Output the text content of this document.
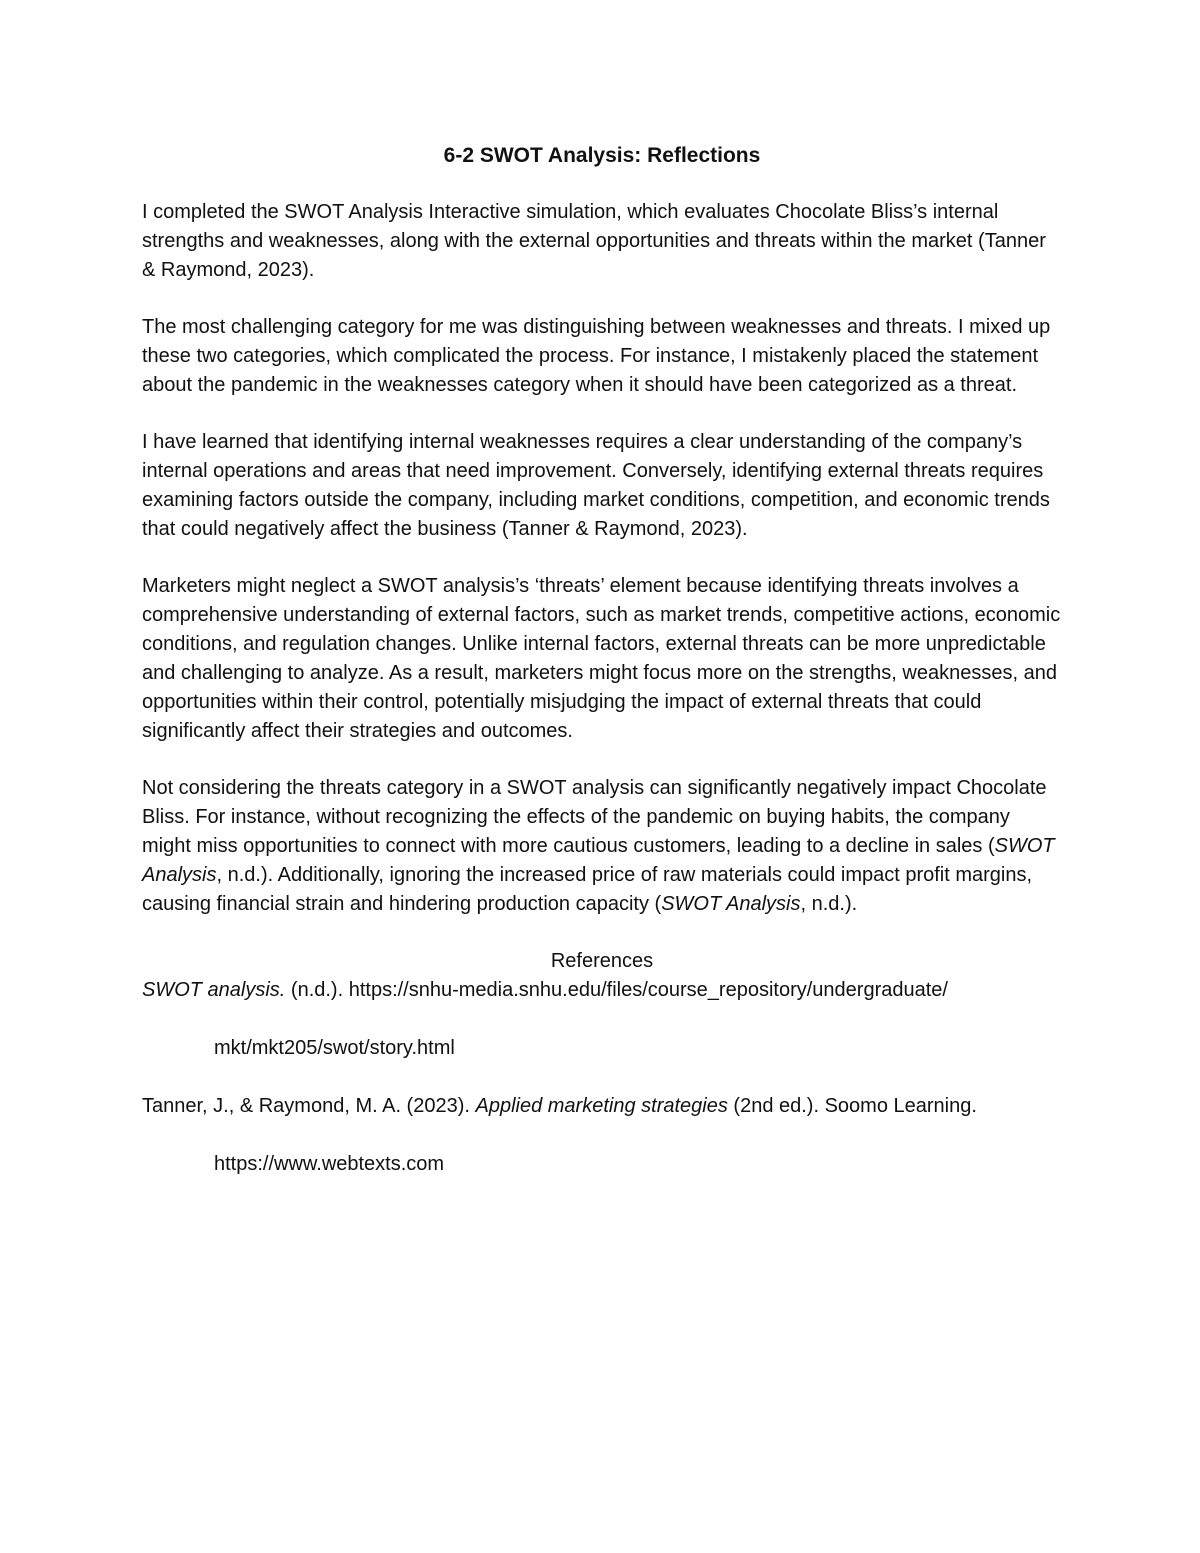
6-2 SWOT Analysis: Reflections

I completed the SWOT Analysis Interactive simulation, which evaluates Chocolate Bliss’s internal strengths and weaknesses, along with the external opportunities and threats within the market (Tanner & Raymond, 2023).

The most challenging category for me was distinguishing between weaknesses and threats. I mixed up these two categories, which complicated the process. For instance, I mistakenly placed the statement about the pandemic in the weaknesses category when it should have been categorized as a threat.

I have learned that identifying internal weaknesses requires a clear understanding of the company’s internal operations and areas that need improvement. Conversely, identifying external threats requires examining factors outside the company, including market conditions, competition, and economic trends that could negatively affect the business (Tanner & Raymond, 2023).

Marketers might neglect a SWOT analysis’s ‘threats’ element because identifying threats involves a comprehensive understanding of external factors, such as market trends, competitive actions, economic conditions, and regulation changes. Unlike internal factors, external threats can be more unpredictable and challenging to analyze. As a result, marketers might focus more on the strengths, weaknesses, and opportunities within their control, potentially misjudging the impact of external threats that could significantly affect their strategies and outcomes.

Not considering the threats category in a SWOT analysis can significantly negatively impact Chocolate Bliss. For instance, without recognizing the effects of the pandemic on buying habits, the company might miss opportunities to connect with more cautious customers, leading to a decline in sales (SWOT Analysis, n.d.). Additionally, ignoring the increased price of raw materials could impact profit margins, causing financial strain and hindering production capacity (SWOT Analysis, n.d.).

References

SWOT analysis. (n.d.). https://snhu-media.snhu.edu/files/course_repository/undergraduate/

mkt/mkt205/swot/story.html

Tanner, J., & Raymond, M. A. (2023). Applied marketing strategies (2nd ed.). Soomo Learning.

https://www.webtexts.com
